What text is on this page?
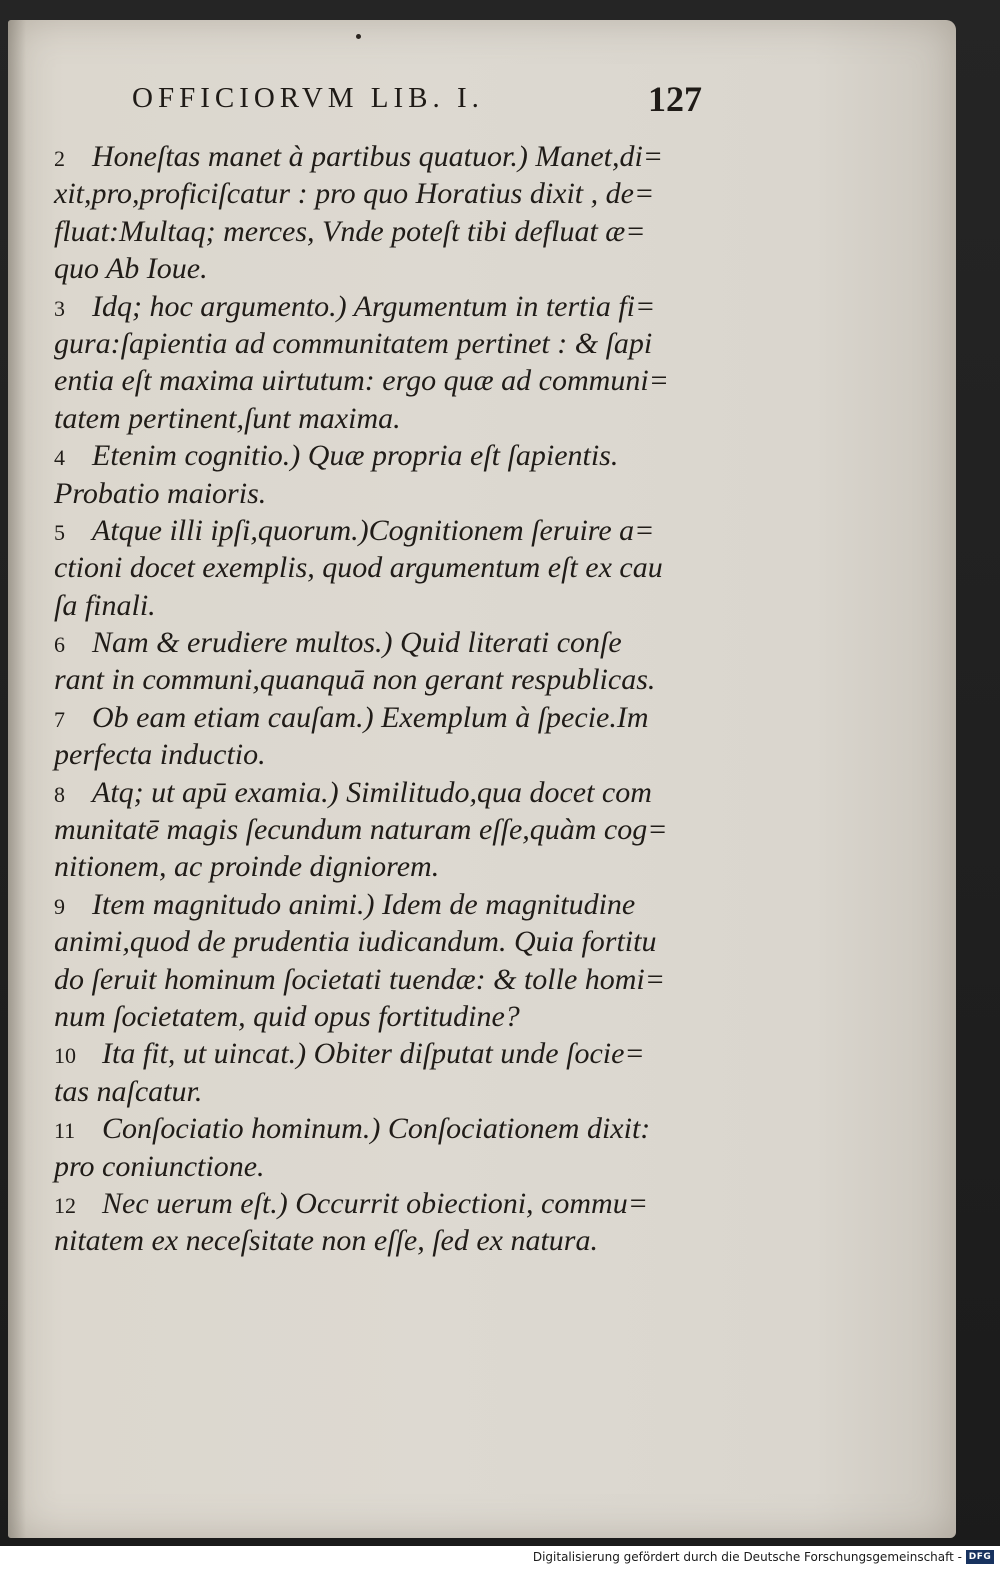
OFFICIORVM LIB. I.	127
2 Honeſtas manet à partibus quatuor.) Manet,di=
xit,pro,proficiſcatur : pro quo Horatius dixit , de=
fluat:Multaq; merces, Vnde poteſt tibi defluat æ=
quo Ab Ioue.
3 Idq; hoc argumento.) Argumentum in tertia fi=
gura:ſapientia ad communitatem pertinet : & ſapi
entia eſt maxima uirtutum: ergo quæ ad communi=
tatem pertinent,ſunt maxima.
4 Etenim cognitio.) Quæ propria eſt ſapientis.
Probatio maioris.
5 Atque illi ipſi,quorum.)Cognitionem ſeruire a=
ctioni docet exemplis, quod argumentum eſt ex cau
ſa finali.
6 Nam & erudiere multos.) Quid literati conſe
rant in communi,quanquā non gerant respublicas.
7 Ob eam etiam cauſam.) Exemplum à ſpecie.Im
perfecta inductio.
8 Atq; ut apū examia.) Similitudo,qua docet com
munitatē magis ſecundum naturam eſſe,quàm cog=
nitionem, ac proinde digniorem.
9 Item magnitudo animi.) Idem de magnitudine
animi,quod de prudentia iudicandum. Quia fortitu
do ſeruit hominum ſocietati tuendæ: & tolle homi=
num ſocietatem, quid opus fortitudine?
10 Ita fit, ut uincat.) Obiter diſputat unde ſocie=
tas naſcatur.
11 Conſociatio hominum.) Conſociationem dixit:
pro coniunctione.
12 Nec uerum eſt.) Occurrit obiectioni, commu=
nitatem ex neceſsitate non eſſe, ſed ex natura.
Digitalisierung gefördert durch die Deutsche Forschungsgemeinschaft - DFG
